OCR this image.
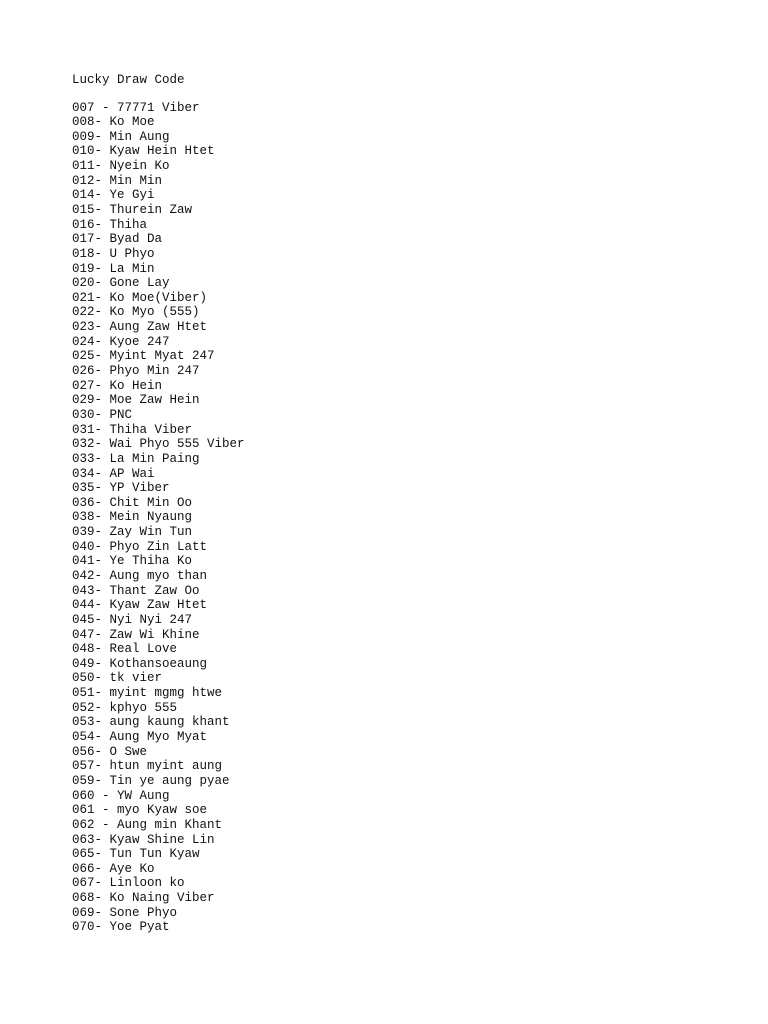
Lucky Draw Code
007 - 77771 Viber
008- Ko Moe
009- Min Aung
010- Kyaw Hein Htet
011- Nyein Ko
012- Min Min
014- Ye Gyi
015- Thurein Zaw
016- Thiha
017- Byad Da
018- U Phyo
019- La Min
020- Gone Lay
021- Ko Moe(Viber)
022- Ko Myo (555)
023- Aung Zaw Htet
024- Kyoe 247
025- Myint Myat 247
026- Phyo Min 247
027- Ko Hein
029- Moe Zaw Hein
030- PNC
031- Thiha Viber
032- Wai Phyo 555 Viber
033- La Min Paing
034- AP Wai
035- YP Viber
036- Chit Min Oo
038- Mein Nyaung
039- Zay Win Tun
040- Phyo Zin Latt
041- Ye Thiha Ko
042- Aung myo than
043- Thant Zaw Oo
044- Kyaw Zaw Htet
045- Nyi Nyi 247
047- Zaw Wi Khine
048- Real Love
049- Kothansoeaung
050- tk vier
051- myint mgmg htwe
052- kphyo 555
053- aung kaung khant
054- Aung Myo Myat
056- O Swe
057- htun myint aung
059- Tin ye aung pyae
060 - YW Aung
061 - myo Kyaw soe
062 - Aung min Khant
063- Kyaw Shine Lin
065- Tun Tun Kyaw
066- Aye Ko
067- Linloon ko
068- Ko Naing Viber
069- Sone Phyo
070- Yoe Pyat
